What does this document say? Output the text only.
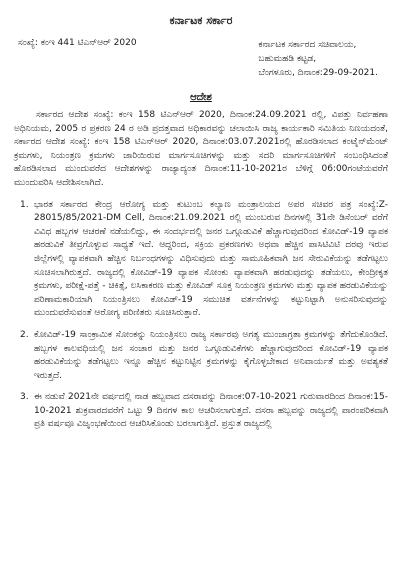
ಕರ್ನಾಟಕ ಸರ್ಕಾರ
ಸಂಖ್ಯೆ: ಕಂಇ 441 ಟಿಎನ್‌ಆರ್ 2020	ಕರ್ನಾಟಕ ಸರ್ಕಾರದ ಸಚಿವಾಲಯ,
ಬಹುಮಹಡಿ ಕಟ್ಟಡ,
ಬೆಂಗಳೂರು, ದಿನಾಂಕ:29-09-2021.
ಆದೇಶ
ಸರ್ಕಾರದ ಆದೇಶ ಸಂಖ್ಯೆ: ಕಂಇ 158 ಟಿಎನ್‌ಆರ್ 2020, ದಿನಾಂಕ:24.09.2021 ರಲ್ಲಿ, ವಿಪತ್ತು ನಿರ್ವಹಣಾ ಅಧಿನಿಯಮ, 2005 ರ ಪ್ರಕರಣ 24 ರ ಅಡಿ ಪ್ರದತ್ತವಾದ ಅಧಿಕಾರವನ್ನು ಚಲಾಯಿಸಿ ರಾಜ್ಯ ಕಾರ್ಯಕಾರಿ ಸಮಿತಿಯ ನಿಣಯದಂತೆ, ಸರ್ಕಾರದ ಆದೇಶ ಸಂಖ್ಯೆ: ಕಂಇ 158 ಟಿಎನ್‌ಆರ್ 2020, ದಿನಾಂಕ:03.07.2021ರಲ್ಲಿ ಹೊರಡಿಸಲಾದ ಕಂಟೈನ್‌ಮೆಂಟ್ ಕ್ರಮಗಳು, ನಿಯಂತ್ರಣ ಕ್ರಮಗಳು ಜಾರಿಯಿರುವ ಮಾರ್ಗಸೂಚಿಗಳನ್ನು ಮತ್ತು ಸದರಿ ಮಾರ್ಗಸೂಚಿಗಳಿಗೆ ಸಂಬಂಧಿಸಿದಂತೆ ಹೊರಡಿಸಲಾದ ಮುಂದುವರೆದ ಆದೇಶಗಳನ್ನು ರಾಜ್ಯಾದ್ಯಂತ ದಿನಾಂಕ:11-10-2021ರ ಬೆಳಿಗ್ಗೆ 06:00ಗಂಟೆಯವರೆಗೆ ಮುಂದುವರಿಸಿ ಆದೇಶಿಸಲಾಗಿದೆ.
1. ಭಾರತ ಸರ್ಕಾರದ ಕೇಂದ್ರ ಆರೋಗ್ಯ ಮತ್ತು ಕುಟುಂಬ ಕಲ್ಯಾಣ ಮಂತ್ರಾಲಯದ ಅಪರ ಸಚಿವರ ಪತ್ರ ಸಂಖ್ಯೆ:Z-28015/85/2021-DM Cell, ದಿನಾಂಕ:21.09.2021 ರಲ್ಲಿ ಮುಂಬರುವ ದಿನಗಳಲ್ಲಿ 31ನೇ ಡಿಸೆಂಬರ್ ವರೆಗೆ ವಿವಿಧ ಹಬ್ಬಗಳ ಆಚರಣೆ ನಡೆಯಲಿದ್ದು, ಈ ಸಂದರ್ಭದಲ್ಲಿ ಜನರ ಒಗ್ಗೂಡುವಿಕೆ ಹೆಚ್ಚಾಗುವುದರಿಂದ ಕೋವಿಡ್-19 ವ್ಯಾಪಕ ಹರಡುವಿಕೆ ತೀವ್ರಗೊಳ್ಳುವ ಸಾಧ್ಯತೆ ಇದೆ. ಆದ್ದರಿಂದ, ಸಕ್ರಿಯ ಪ್ರಕರಣಗಳು ಅಥವಾ ಹೆಚ್ಚಿನ ಪಾಸಿಟಿವಿಟಿ ದರವು ಇರುವ ಜಿಲ್ಲೆಗಳಲ್ಲಿ ವ್ಯಾಪಕವಾಗಿ ಹೆಚ್ಚಿನ ನಿರ್ಬಂಧಗಳನ್ನು ವಿಧಿಸುವುದು ಮತ್ತು ಸಾಮೂಹಿಕವಾಗಿ ಜನ ಸೇರುವಿಕೆಯನ್ನು ತಡೆಗಟ್ಟಲು ಸೂಚಿಸಲಾಗಿರುತ್ತದೆ. ರಾಜ್ಯದಲ್ಲಿ ಕೋವಿಡ್-19 ವ್ಯಾಪಕ ಸೋಂಕು ವ್ಯಾಪಕವಾಗಿ ಹರಡುವುದನ್ನು ತಡೆಯಲು, ಕೇಂದ್ರೀಕೃತ ಕ್ರಮಗಳು, ಪರೀಕ್ಷೆ-ಪತ್ತೆ - ಚಿಕಿತ್ಸೆ, ಲಸಿಕಾಕರಣ ಮತ್ತು ಕೋವಿಡ್ ಸೂಕ್ತ ನಿಯಂತ್ರಣ ಕ್ರಮಗಳು ಮತ್ತು ವ್ಯಾಪಕ ಹರಡುವಿಕೆಯನ್ನು ಪರಿಣಾಮಕಾರಿಯಾಗಿ ನಿಯಂತ್ರಿಸಲು ಕೋವಿಡ್-19 ಸಮುಚಿತ ವರ್ತನೆಗಳನ್ನು ಕಟ್ಟುನಿಟ್ಟಾಗಿ ಅನುಸರಿಸುವುದನ್ನು ಮುಂದುವರೆಸುವಂತೆ ಆರೋಗ್ಯ ಪರಿಣಿತರು ಸೂಚಿಸಿರುತ್ತಾರೆ.
2. ಕೋವಿಡ್-19 ಸಾಂಕ್ರಾಮಿಕ ಸೋಂಕನ್ನು ನಿಯಂತ್ರಿಸಲು ರಾಜ್ಯ ಸರ್ಕಾರವು ಅಗತ್ಯ ಮುಂಜಾಗ್ರತಾ ಕ್ರಮಗಳನ್ನು ತೆಗೆದುಕೊಂಡಿದೆ. ಹಬ್ಬಗಳ ಕಾಲವಧಿಯಲ್ಲಿ ಜನ ಸಂಚಾರ ಮತ್ತು ಜನರ ಒಗ್ಗೂಡುವಿಕೆಗಳು ಹೆಚ್ಚಾಗುವುದರಿಂದ ಕೋವಿಡ್-19 ವ್ಯಾಪಕ ಹರಡುವಿಕೆಯನ್ನು ತಡೆಗಟ್ಟಲು ಇನ್ನೂ ಹೆಚ್ಚಿನ ಕಟ್ಟುನಿಟ್ಟಿನ ಕ್ರಮಗಳನ್ನು ಕೈಗೊಳ್ಳಬೇಕಾದ ಅನಿವಾರ್ಯತೆ ಮತ್ತು ಅವಶ್ಯಕತೆ ಇರುತ್ತದೆ.
3. ಈ ನಡುವೆ 2021ನೇ ವರ್ಷದಲ್ಲಿ ನಾಡ ಹಬ್ಬವಾದ ದಸರಾವನ್ನು ದಿನಾಂಕ:07-10-2021 ಗುರುವಾರದಿಂದ ದಿನಾಂಕ:15-10-2021 ಶುಕ್ರವಾರದವರೆಗೆ ಒಟ್ಟು 9 ದಿನಗಳ ಕಾಲ ಆಚರಿಸಲಾಗುತ್ತದೆ. ದಸರಾ ಹಬ್ಬವನ್ನು ರಾಜ್ಯದಲ್ಲಿ ಪಾರಂಪರಿಕವಾಗಿ ಪ್ರತಿ ವರ್ಷವೂ ವಿಜೃಂಭಣೆಯಿಂದ ಆಚರಿಸಿಕೊಂಡು ಬರಲಾಗುತ್ತಿದೆ. ಪ್ರಸ್ತುತ ರಾಜ್ಯದಲ್ಲಿ
